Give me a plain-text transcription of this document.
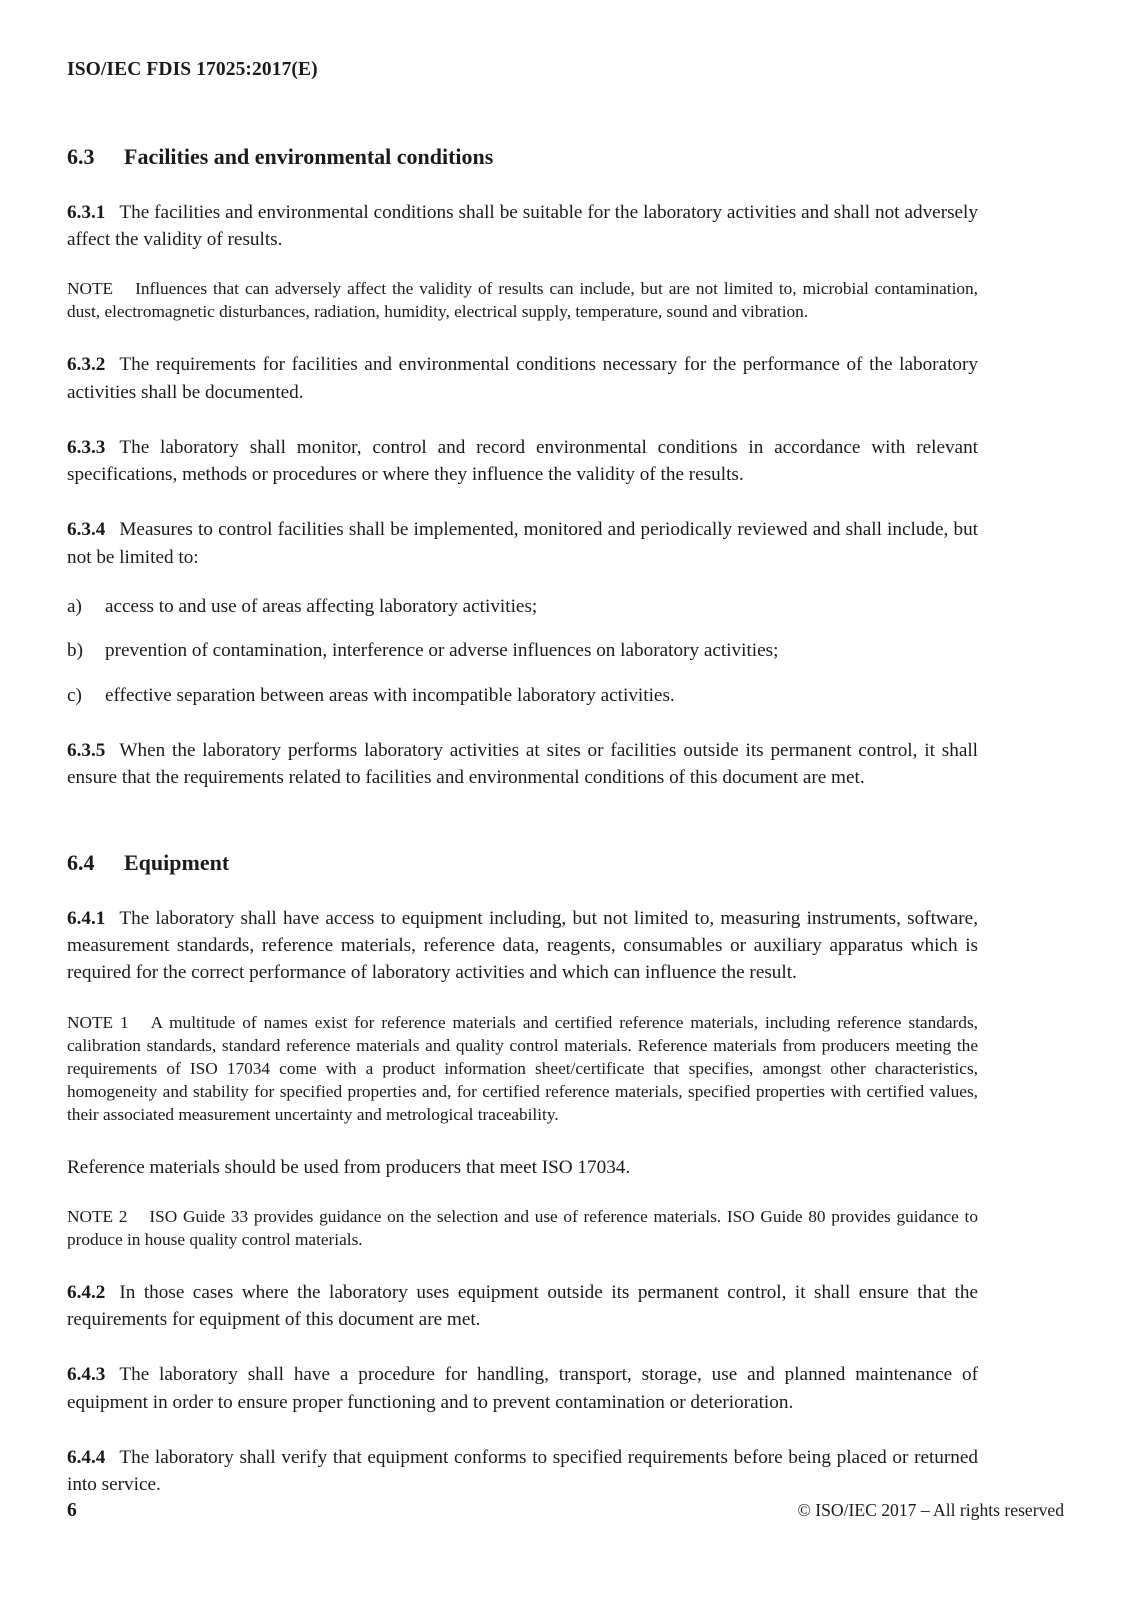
ISO/IEC FDIS 17025:2017(E)
6.3	Facilities and environmental conditions

6.3.1 The facilities and environmental conditions shall be suitable for the laboratory activities and shall not adversely affect the validity of results.

NOTE Influences that can adversely affect the validity of results can include, but are not limited to, microbial contamination, dust, electromagnetic disturbances, radiation, humidity, electrical supply, temperature, sound and vibration.

6.3.2 The requirements for facilities and environmental conditions necessary for the performance of the laboratory activities shall be documented.

6.3.3 The laboratory shall monitor, control and record environmental conditions in accordance with relevant specifications, methods or procedures or where they influence the validity of the results.

6.3.4 Measures to control facilities shall be implemented, monitored and periodically reviewed and shall include, but not be limited to:

a)	access to and use of areas affecting laboratory activities;
b)	prevention of contamination, interference or adverse influences on laboratory activities;
c)	effective separation between areas with incompatible laboratory activities.

6.3.5 When the laboratory performs laboratory activities at sites or facilities outside its permanent control, it shall ensure that the requirements related to facilities and environmental conditions of this document are met.

6.4	Equipment

6.4.1 The laboratory shall have access to equipment including, but not limited to, measuring instruments, software, measurement standards, reference materials, reference data, reagents, consumables or auxiliary apparatus which is required for the correct performance of laboratory activities and which can influence the result.

NOTE 1 A multitude of names exist for reference materials and certified reference materials, including reference standards, calibration standards, standard reference materials and quality control materials. Reference materials from producers meeting the requirements of ISO 17034 come with a product information sheet/certificate that specifies, amongst other characteristics, homogeneity and stability for specified properties and, for certified reference materials, specified properties with certified values, their associated measurement uncertainty and metrological traceability.

Reference materials should be used from producers that meet ISO 17034.

NOTE 2 ISO Guide 33 provides guidance on the selection and use of reference materials. ISO Guide 80 provides guidance to produce in house quality control materials.

6.4.2 In those cases where the laboratory uses equipment outside its permanent control, it shall ensure that the requirements for equipment of this document are met.

6.4.3 The laboratory shall have a procedure for handling, transport, storage, use and planned maintenance of equipment in order to ensure proper functioning and to prevent contamination or deterioration.

6.4.4 The laboratory shall verify that equipment conforms to specified requirements before being placed or returned into service.

6	© ISO/IEC 2017 – All rights reserved
